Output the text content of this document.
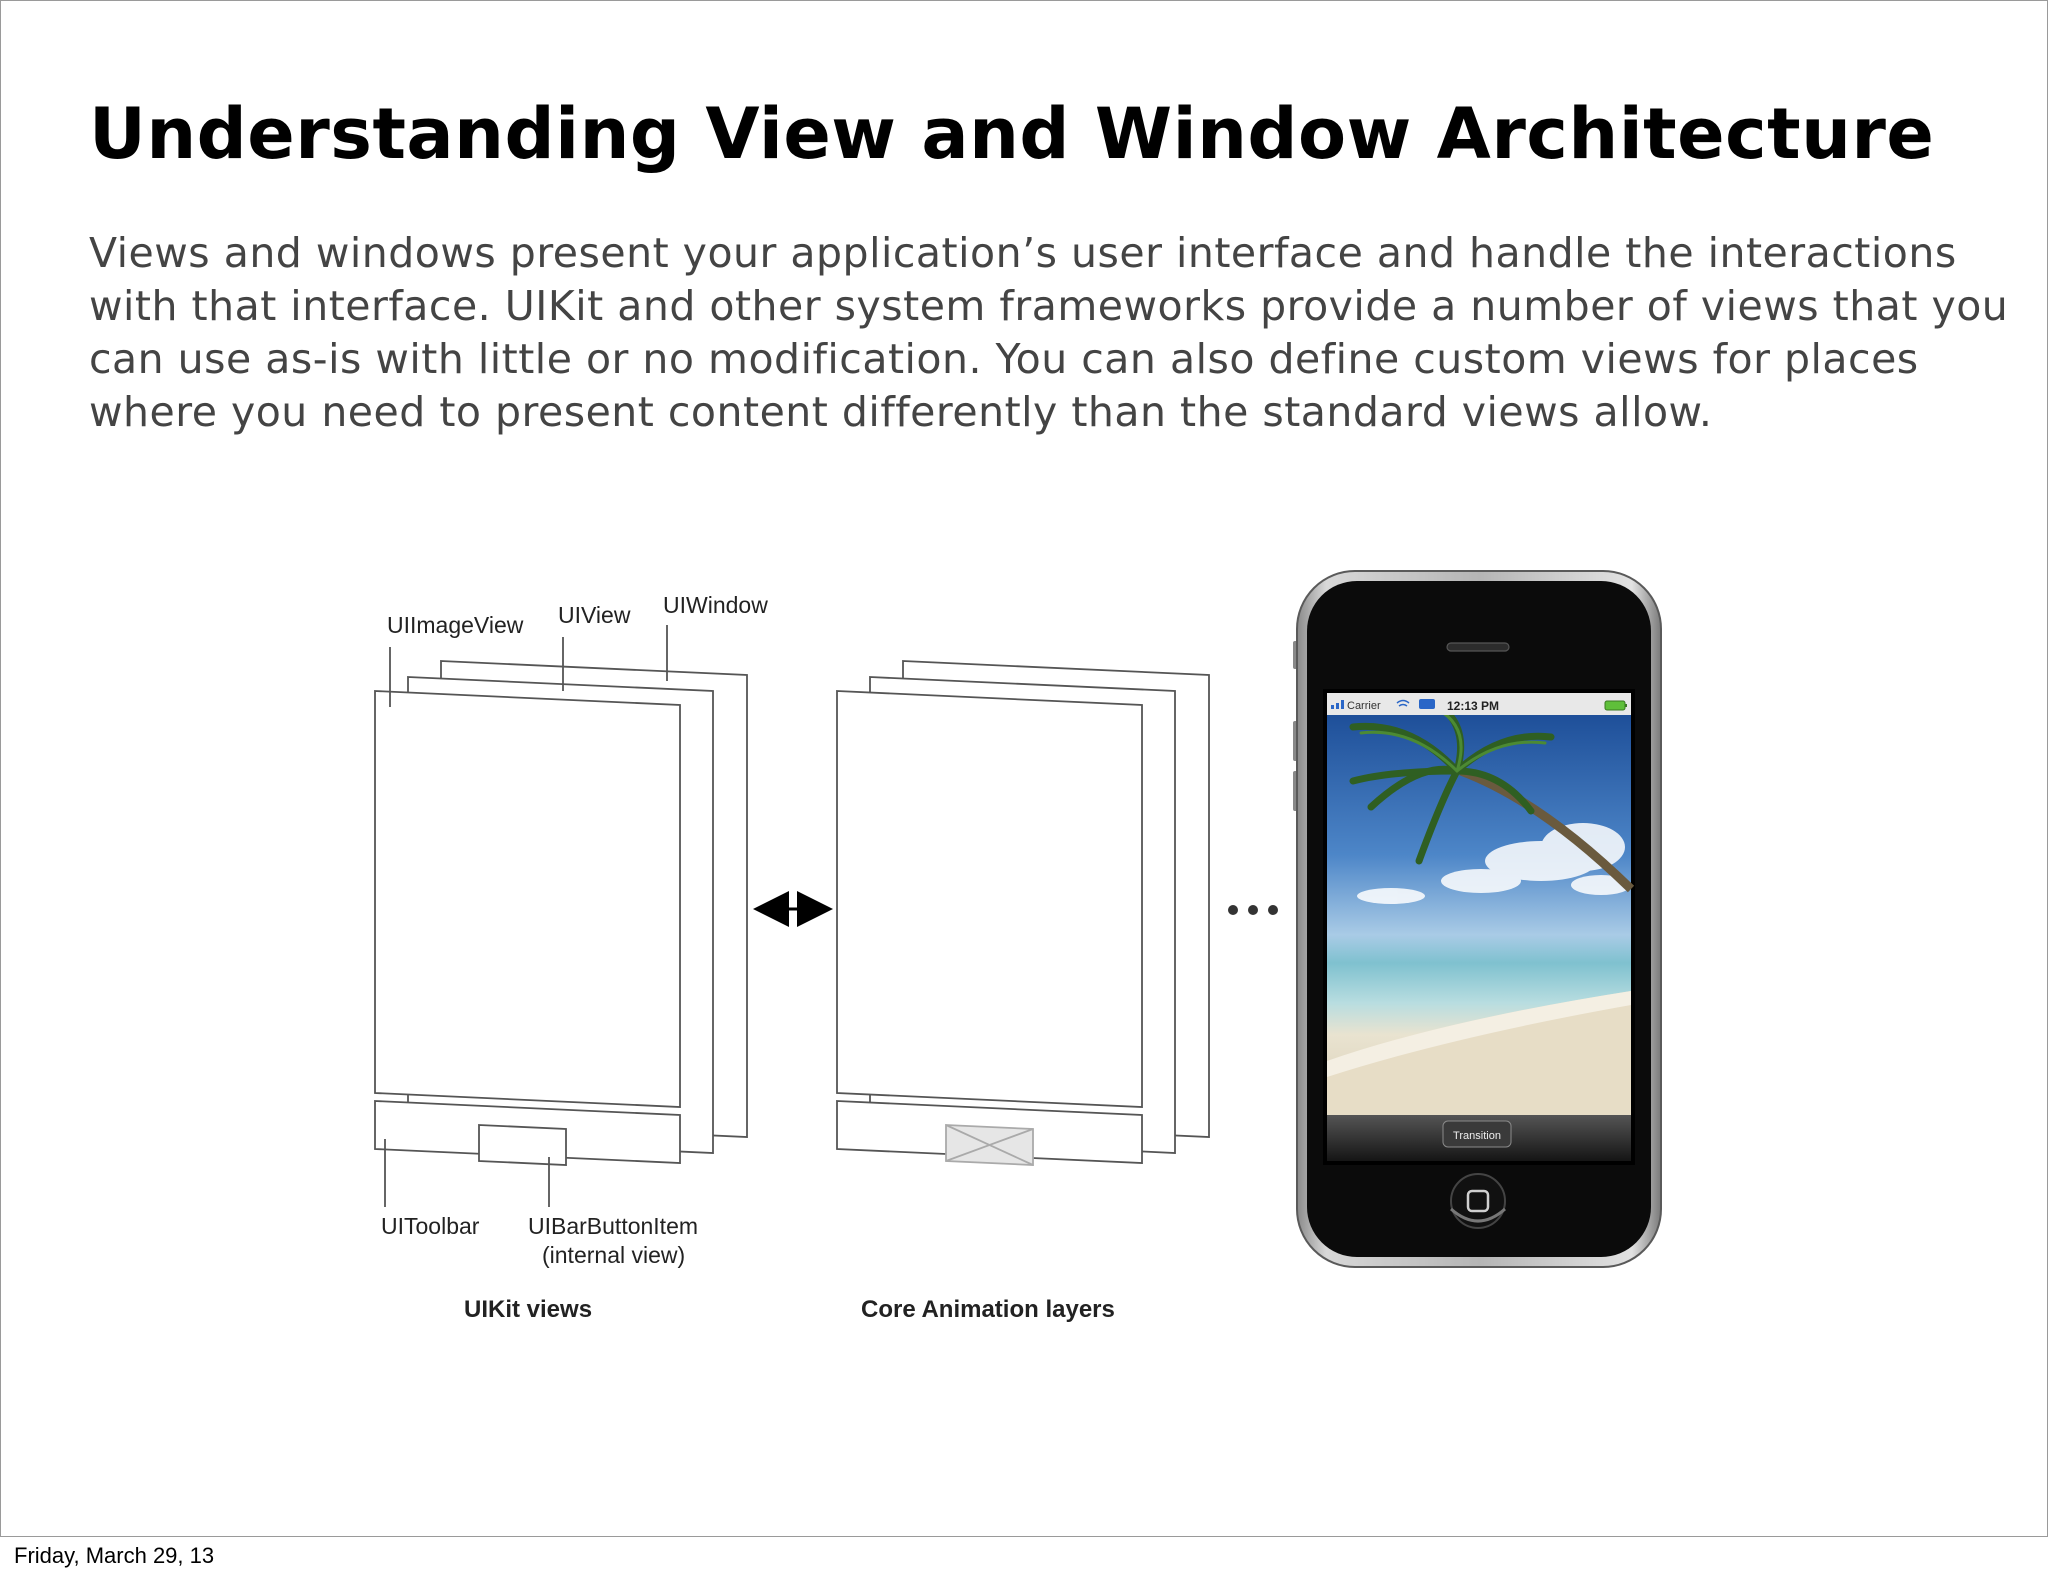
Understanding View and Window Architecture

Views and windows present your application’s user interface and handle the interactions with that interface. UIKit and other system frameworks provide a number of views that you can use as-is with little or no modification. You can also define custom views for places where you need to present content differently than the standard views allow.

UIImageView UIView UIWindow
UIToolbar UIBarButtonItem
(internal view)
UIKit views	Core Animation layers
Carrier	12:13 PM
Transition
Friday, March 29, 13
